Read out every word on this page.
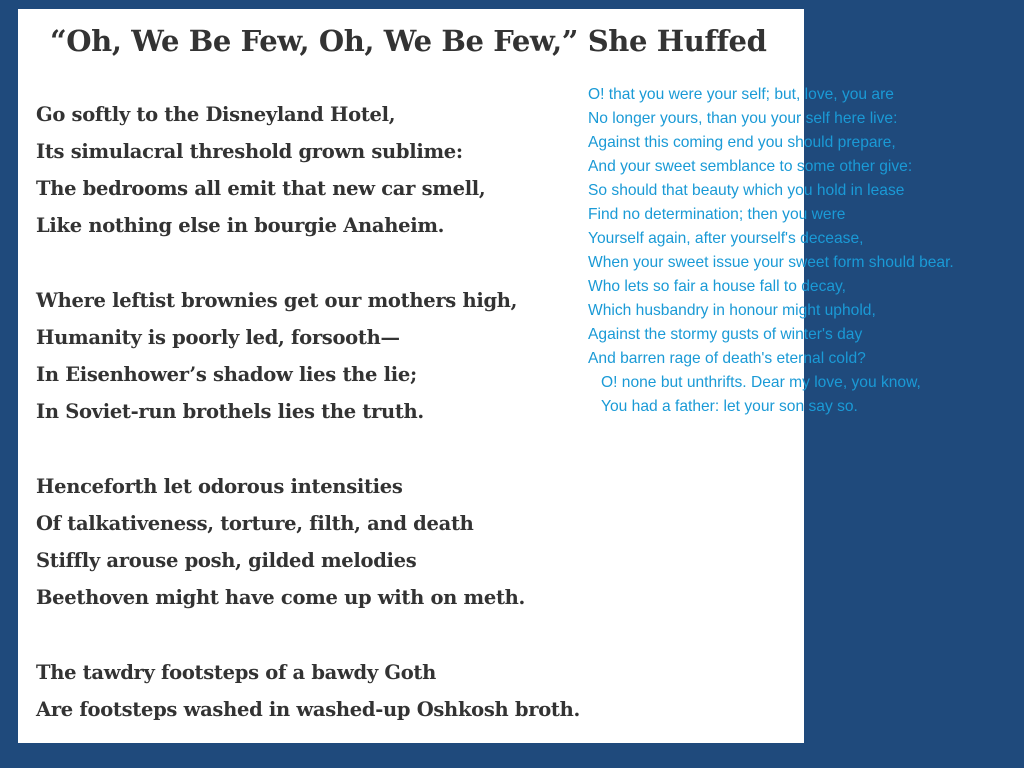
“Oh, We Be Few, Oh, We Be Few,” She Huffed
Go softly to the Disneyland Hotel,
Its simulacral threshold grown sublime:
The bedrooms all emit that new car smell,
Like nothing else in bourgie Anaheim.
Where leftist brownies get our mothers high,
Humanity is poorly led, forsooth—
In Eisenhower’s shadow lies the lie;
In Soviet-run brothels lies the truth.
Henceforth let odorous intensities
Of talkativeness, torture, filth, and death
Stiffly arouse posh, gilded melodies
Beethoven might have come up with on meth.
The tawdry footsteps of a bawdy Goth
Are footsteps washed in washed-up Oshkosh broth.
O! that you were your self; but, love, you are
No longer yours, than you your self here live:
Against this coming end you should prepare,
And your sweet semblance to some other give:
So should that beauty which you hold in lease
Find no determination; then you were
Yourself again, after yourself's decease,
When your sweet issue your sweet form should bear.
Who lets so fair a house fall to decay,
Which husbandry in honour might uphold,
Against the stormy gusts of winter's day
And barren rage of death's eternal cold?
O! none but unthrifts. Dear my love, you know,
You had a father: let your son say so.
